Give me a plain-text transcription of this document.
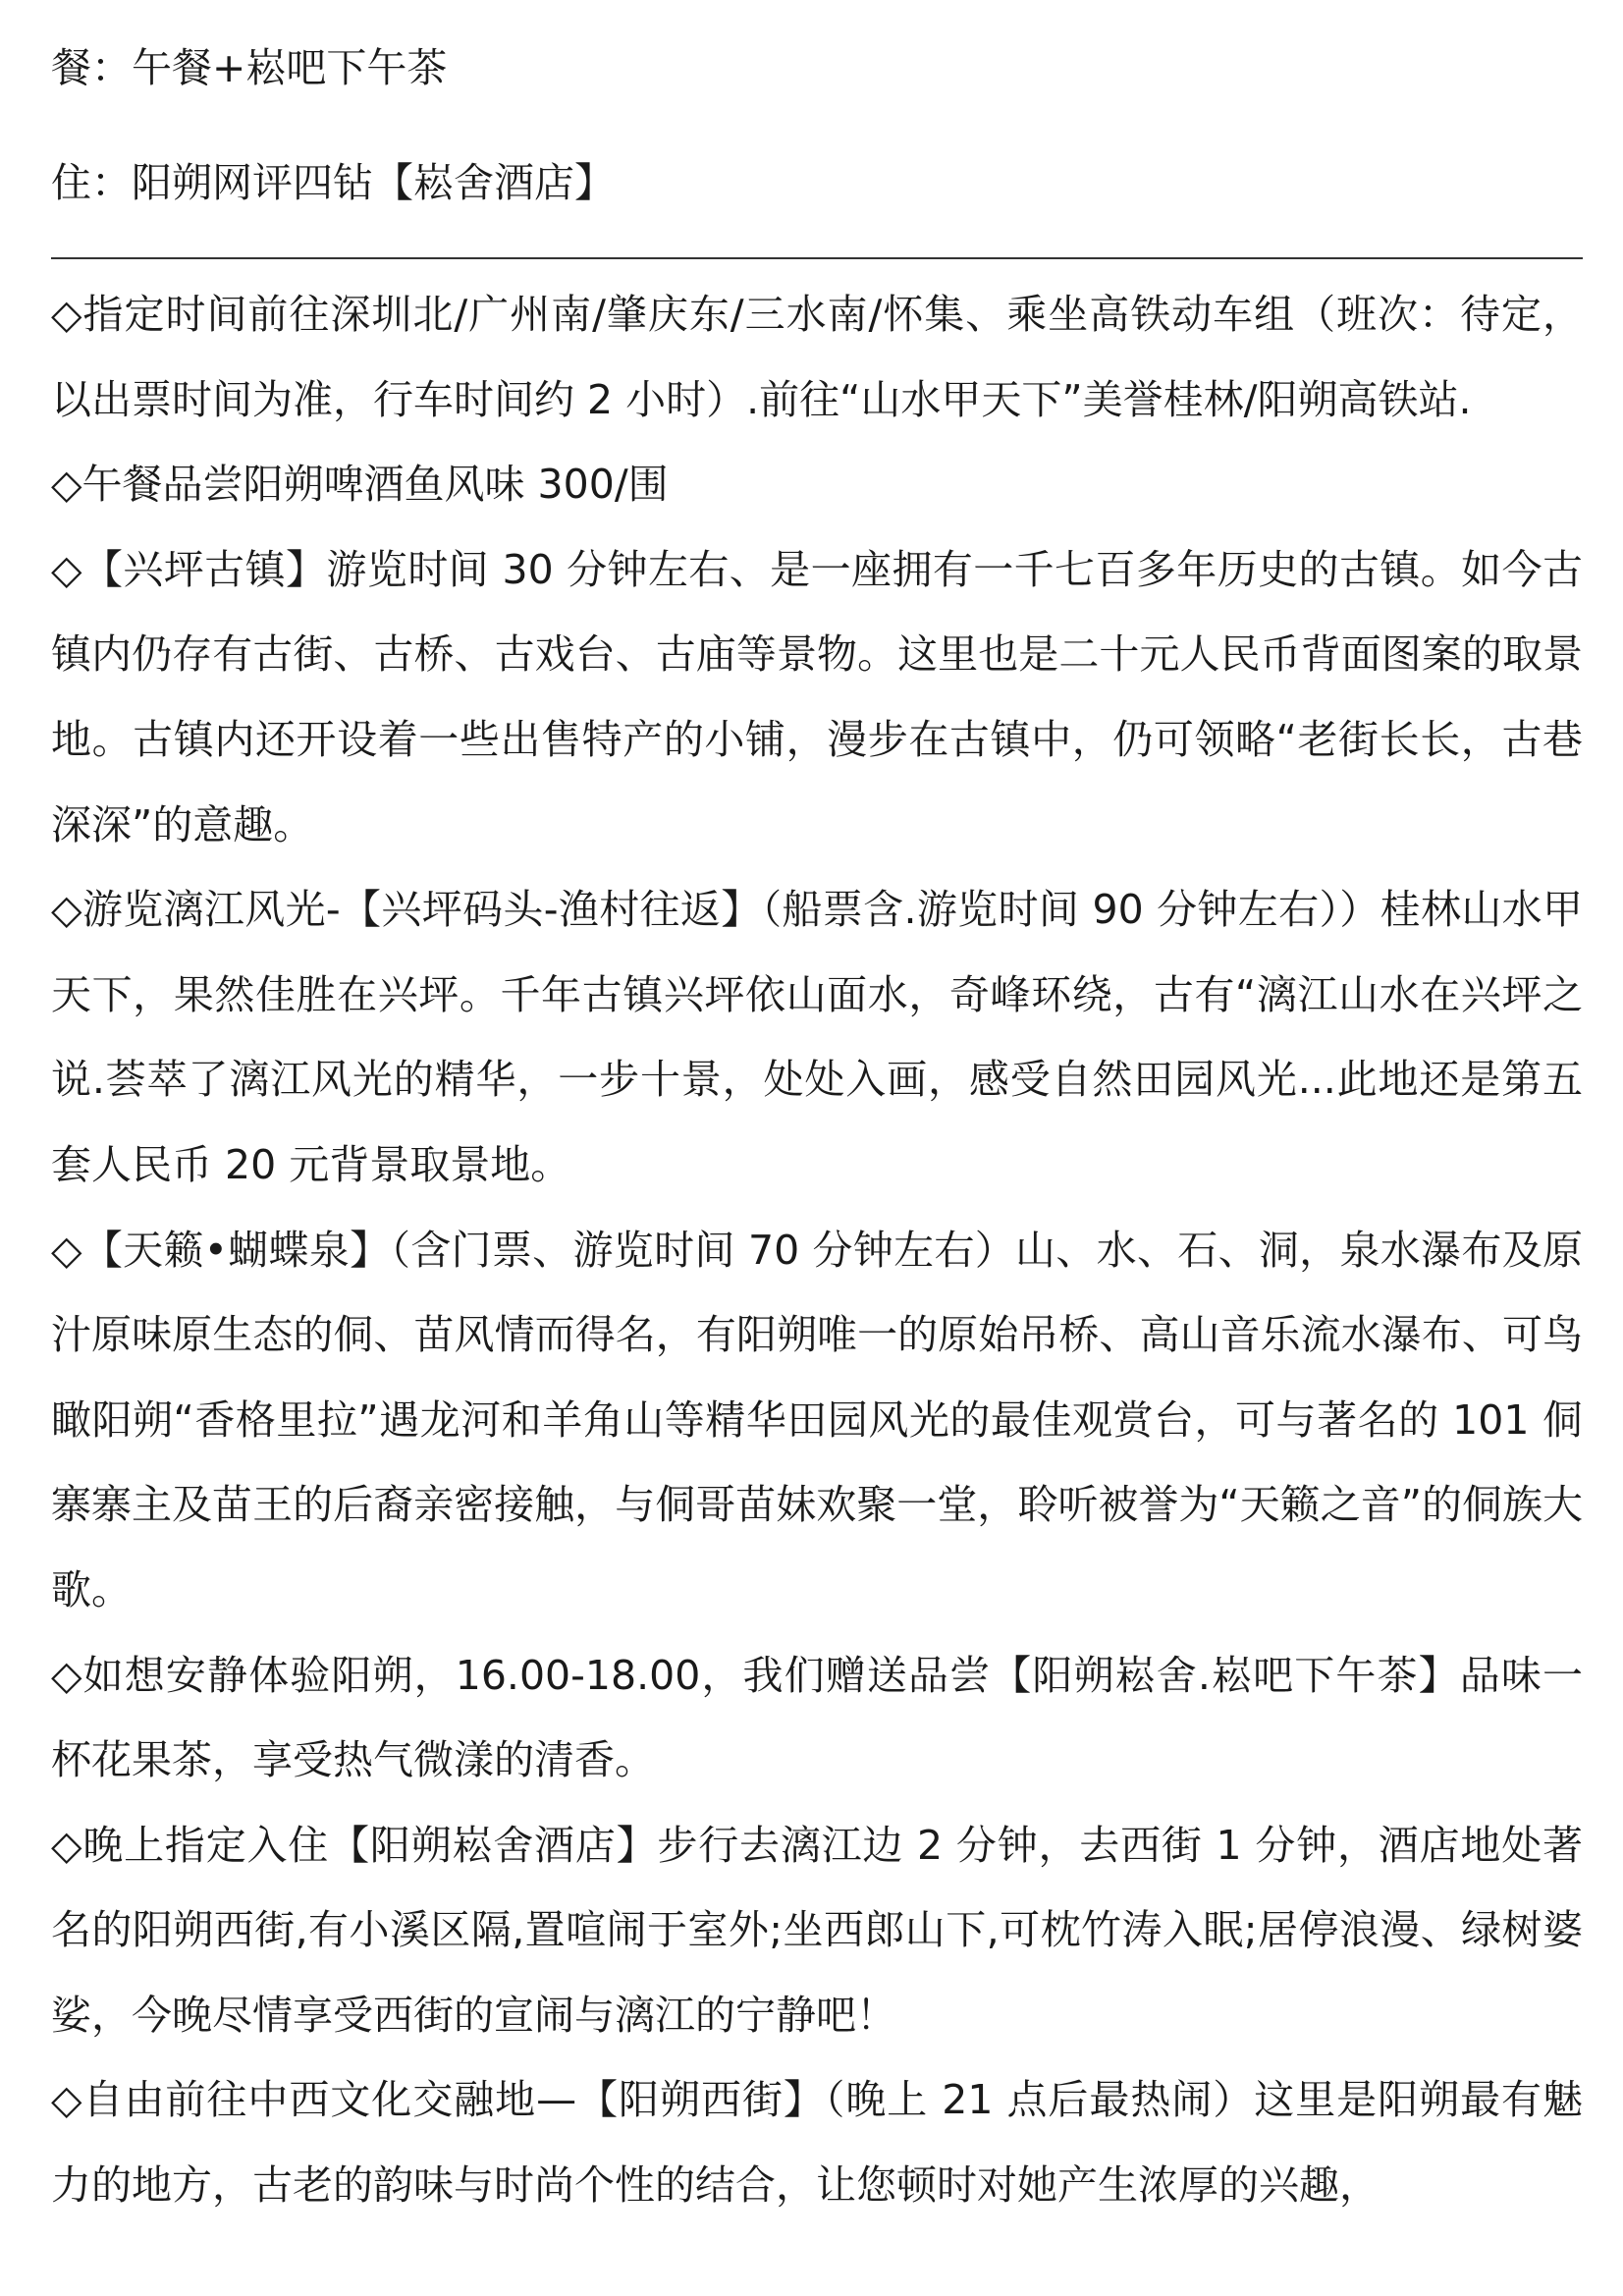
餐：午餐+崧吧下午茶

住：阳朔网评四钻【崧舍酒店】

◇指定时间前往深圳北/广州南/肇庆东/三水南/怀集、乘坐高铁动车组（班次：待定，以出票时间为准，行车时间约 2 小时）.前往“山水甲天下”美誉桂林/阳朔高铁站.

◇午餐品尝阳朔啤酒鱼风味 300/围

◇【兴坪古镇】游览时间 30 分钟左右、是一座拥有一千七百多年历史的古镇。如今古镇内仍存有古街、古桥、古戏台、古庙等景物。这里也是二十元人民币背面图案的取景地。古镇内还开设着一些出售特产的小铺，漫步在古镇中，仍可领略“老街长长，古巷深深”的意趣。

◇游览漓江风光-【兴坪码头-渔村往返】（船票含.游览时间 90 分钟左右））桂林山水甲天下，果然佳胜在兴坪。千年古镇兴坪依山面水，奇峰环绕，古有“漓江山水在兴坪之说.荟萃了漓江风光的精华，一步十景，处处入画，感受自然田园风光...此地还是第五套人民币 20 元背景取景地。

◇【天籁•蝴蝶泉】（含门票、游览时间 70 分钟左右）山、水、石、洞，泉水瀑布及原汁原味原生态的侗、苗风情而得名，有阳朔唯一的原始吊桥、高山音乐流水瀑布、可鸟瞰阳朔“香格里拉”遇龙河和羊角山等精华田园风光的最佳观赏台，可与著名的 101 侗寨寨主及苗王的后裔亲密接触，与侗哥苗妹欢聚一堂，聆听被誉为“天籁之音”的侗族大歌。

◇如想安静体验阳朔，16.00-18.00，我们赠送品尝【阳朔崧舍.崧吧下午茶】品味一杯花果茶，享受热气微漾的清香。

◇晚上指定入住【阳朔崧舍酒店】步行去漓江边 2 分钟，去西街 1 分钟，酒店地处著名的阳朔西街,有小溪区隔,置喧闹于室外;坐西郎山下,可枕竹涛入眠;居停浪漫、绿树婆娑，今晚尽情享受西街的宣闹与漓江的宁静吧！

◇自由前往中西文化交融地—【阳朔西街】（晚上 21 点后最热闹）这里是阳朔最有魅力的地方，古老的韵味与时尚个性的结合，让您顿时对她产生浓厚的兴趣，
